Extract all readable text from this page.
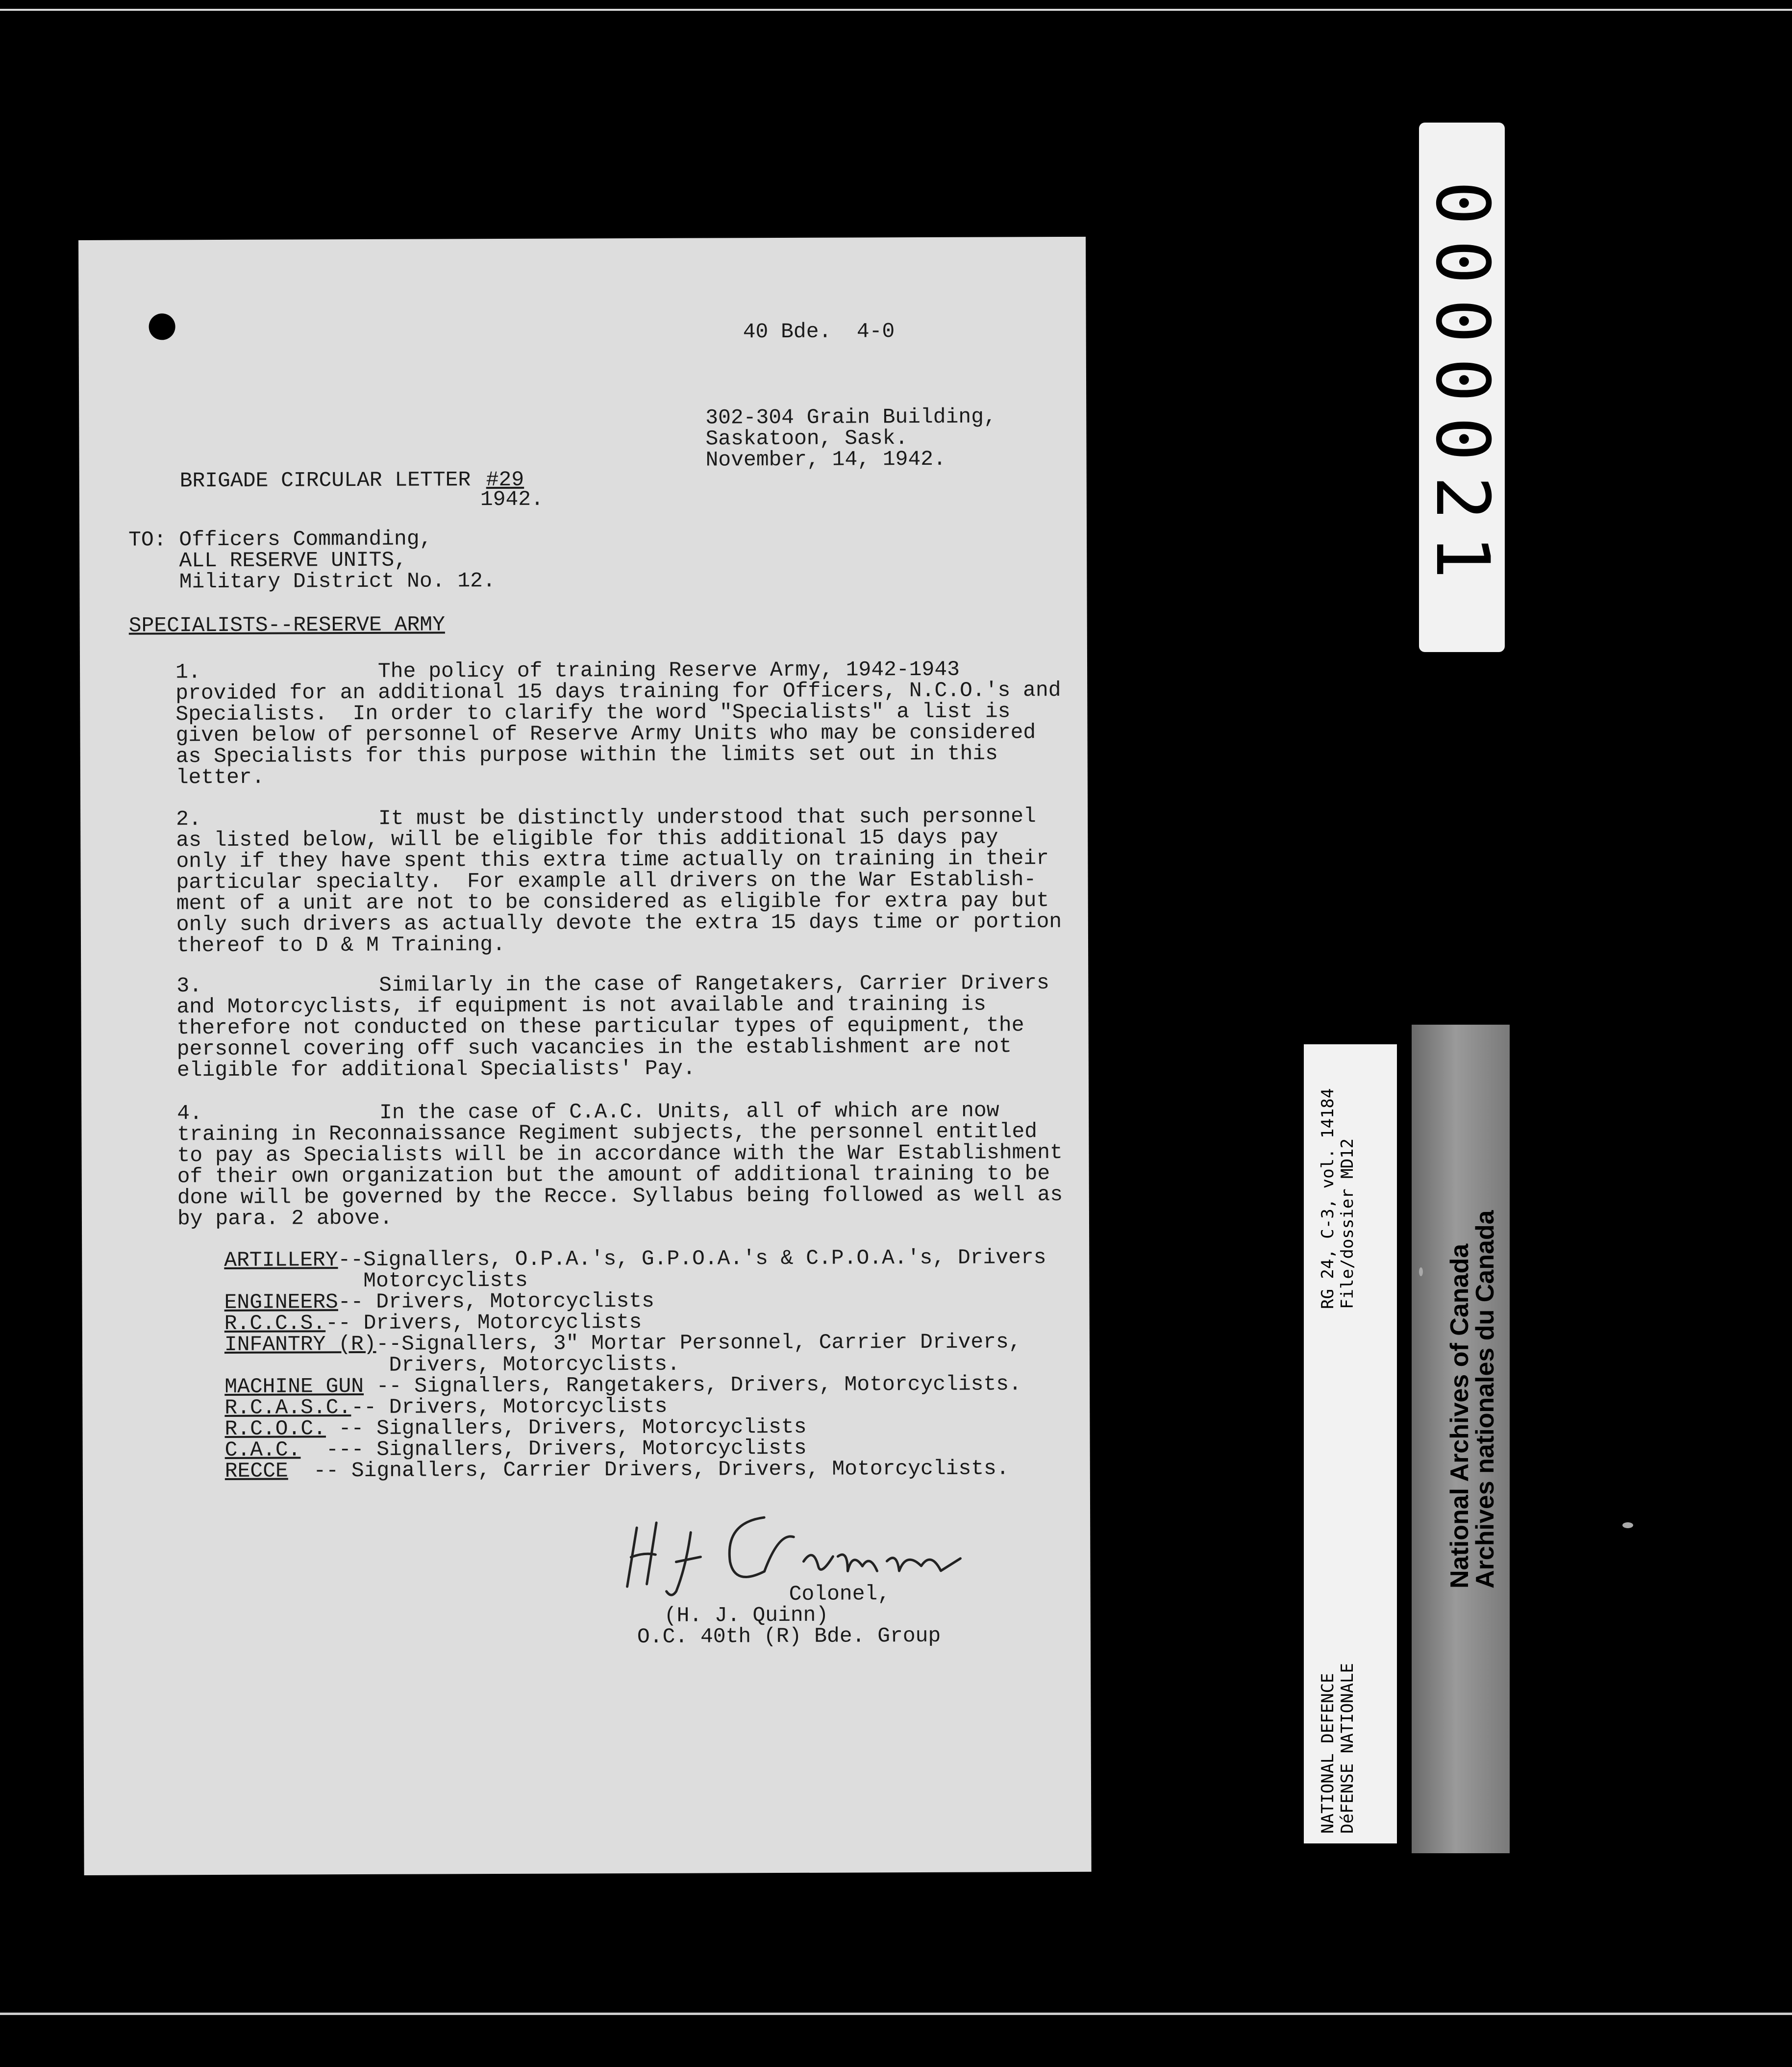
40 Bde.  4-0
302-304 Grain Building,
Saskatoon, Sask.
November, 14, 1942.
BRIGADE CIRCULAR LETTER #29
1942.
TO: Officers Commanding,
ALL RESERVE UNITS,
Military District No. 12.
SPECIALISTS--RESERVE ARMY
1.	The policy of training Reserve Army, 1942-1943
provided for an additional 15 days training for Officers, N.C.O.'s and
Specialists.  In order to clarify the word "Specialists" a list is
given below of personnel of Reserve Army Units who may be considered
as Specialists for this purpose within the limits set out in this
letter.
2.	It must be distinctly understood that such personnel
as listed below, will be eligible for this additional 15 days pay
only if they have spent this extra time actually on training in their
particular specialty.  For example all drivers on the War Establish-
ment of a unit are not to be considered as eligible for extra pay but
only such drivers as actually devote the extra 15 days time or portion
thereof to D & M Training.
3.	Similarly in the case of Rangetakers, Carrier Drivers
and Motorcyclists, if equipment is not available and training is
therefore not conducted on these particular types of equipment, the
personnel covering off such vacancies in the establishment are not
eligible for additional Specialists' Pay.
4.	In the case of C.A.C. Units, all of which are now
training in Reconnaissance Regiment subjects, the personnel entitled
to pay as Specialists will be in accordance with the War Establishment
of their own organization but the amount of additional training to be
done will be governed by the Recce. Syllabus being followed as well as
by para. 2 above.
ARTILLERY--Signallers, O.P.A.'s, G.P.O.A.'s & C.P.O.A.'s, Drivers
Motorcyclists
ENGINEERS-- Drivers, Motorcyclists
R.C.C.S.-- Drivers, Motorcyclists
INFANTRY (R)--Signallers, 3" Mortar Personnel, Carrier Drivers,
Drivers, Motorcyclists.
MACHINE GUN -- Signallers, Rangetakers, Drivers, Motorcyclists.
R.C.A.S.C.-- Drivers, Motorcyclists
R.C.O.C. -- Signallers, Drivers, Motorcyclists
C.A.C.  --- Signallers, Drivers, Motorcyclists
RECCE  -- Signallers, Carrier Drivers, Drivers, Motorcyclists.
Colonel,
(H. J. Quinn)
O.C. 40th (R) Bde. Group
0000021
RG 24, C-3, vol. 14184 File/dossier MD12
NATIONAL DEFENCE DéFENSE NATIONALE
National Archives of Canada
Archives nationales du Canada
